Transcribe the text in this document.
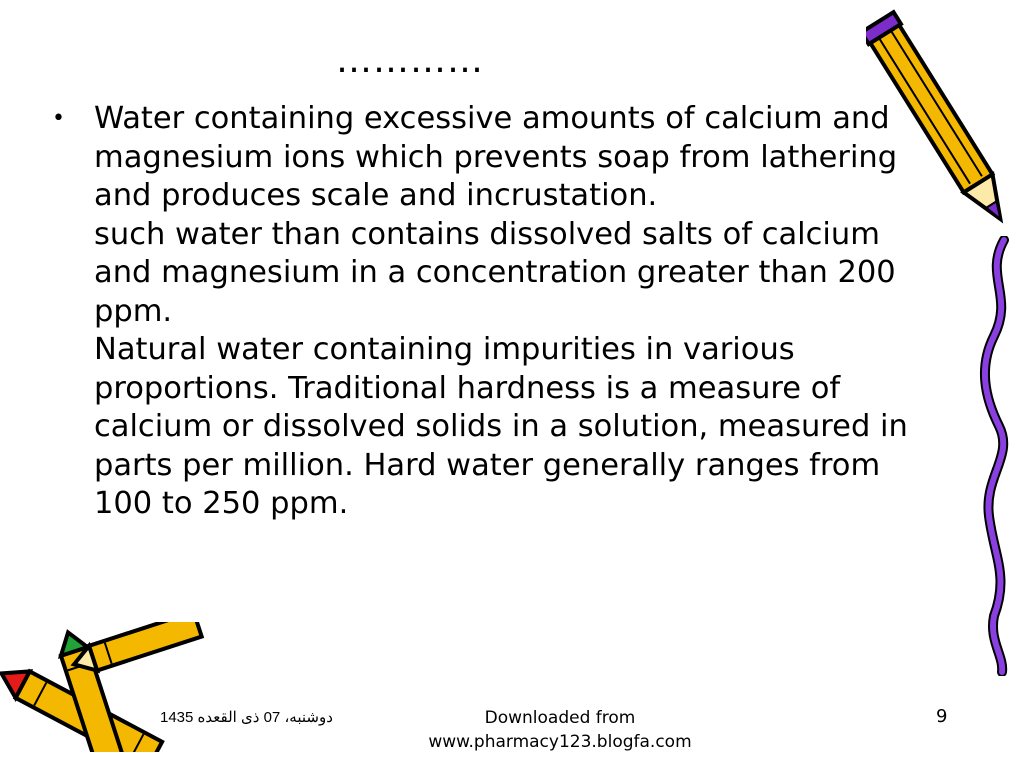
…………
• Water containing excessive amounts of calcium and magnesium ions which prevents soap from lathering and produces scale and incrustation.
such water than contains dissolved salts of calcium and magnesium in a concentration greater than 200 ppm.
Natural water containing impurities in various proportions. Traditional hardness is a measure of calcium or dissolved solids in a solution, measured in parts per million. Hard water generally ranges from 100 to 250 ppm.
دوشنبه، 07 ذی القعده 1435	Downloaded from
www.pharmacy123.blogfa.com
9
